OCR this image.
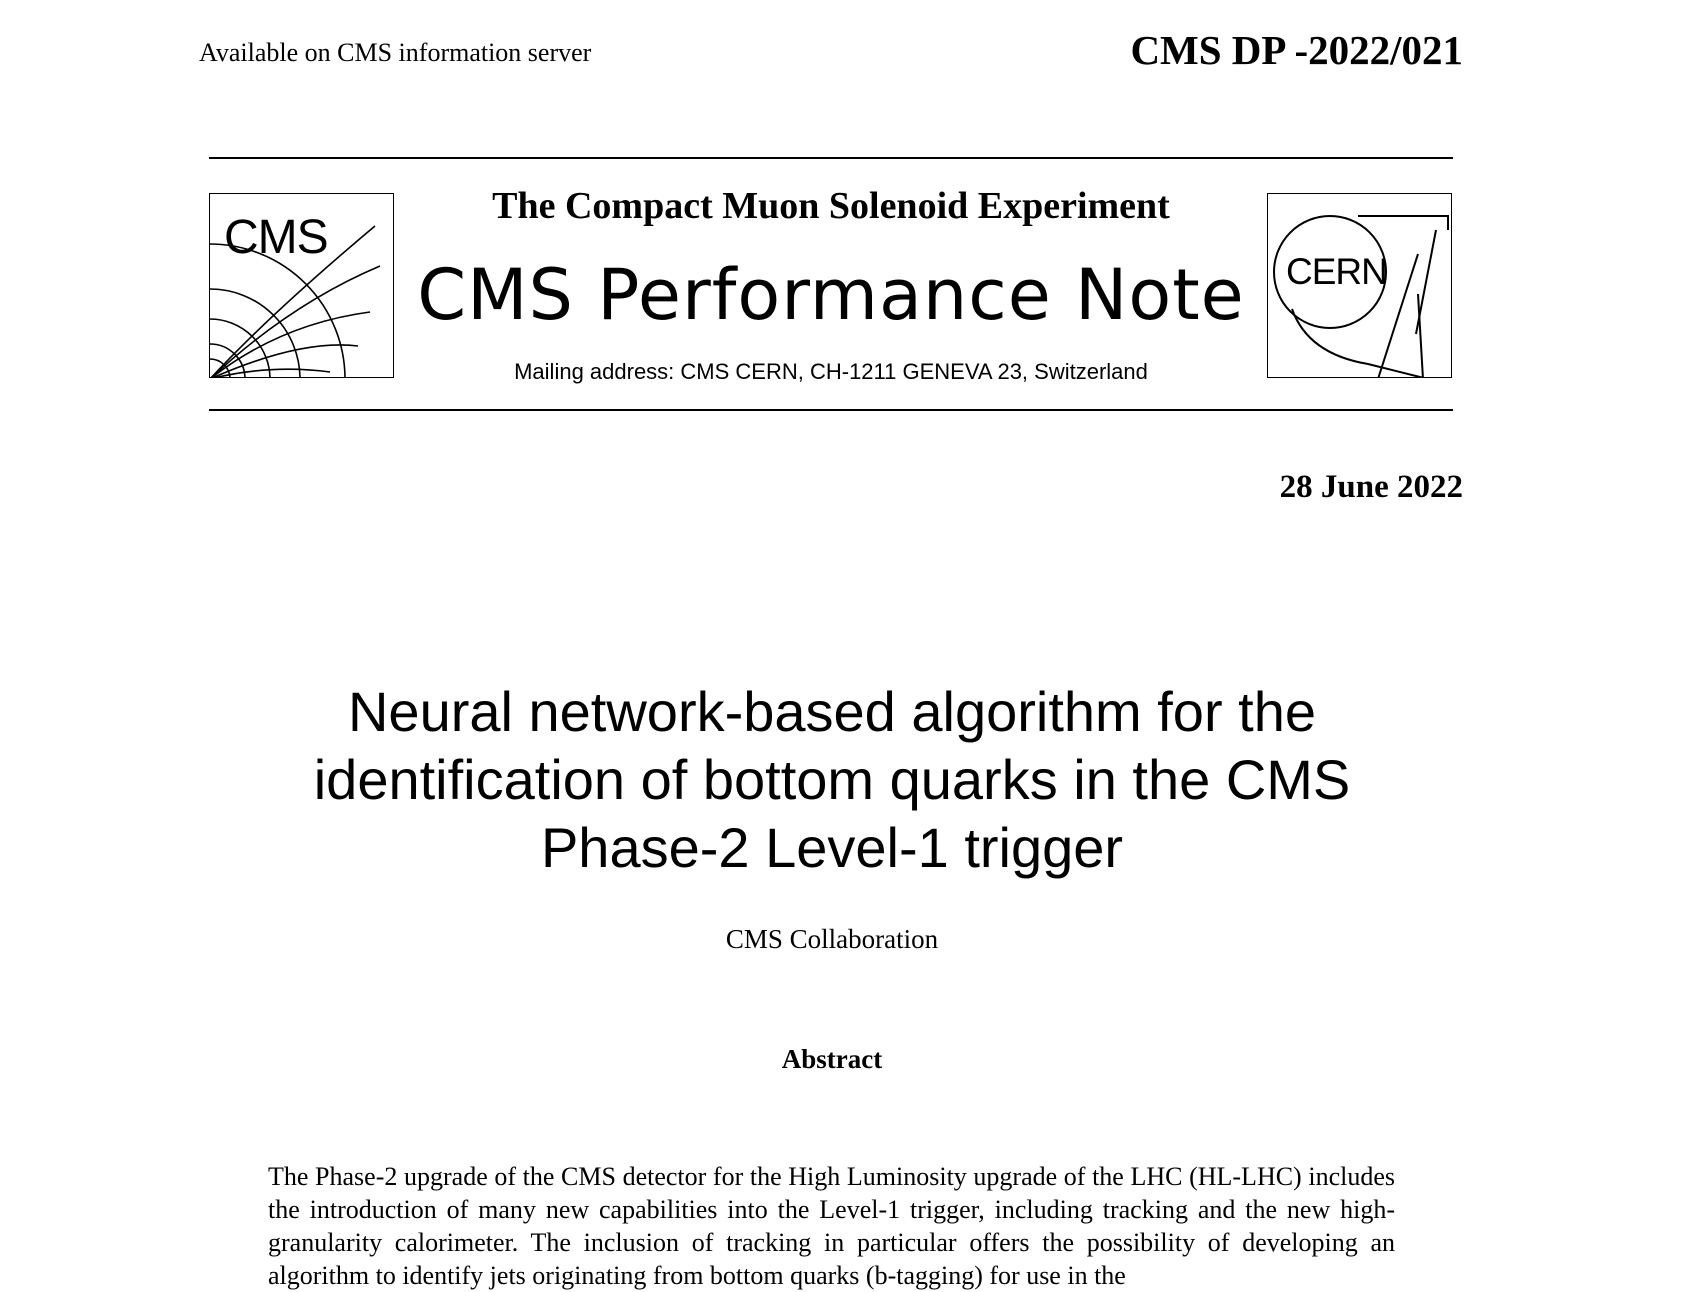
Available on CMS information server	CMS DP -2022/021
CMS
The Compact Muon Solenoid Experiment
CMS Performance Note
Mailing address: CMS CERN, CH-1211 GENEVA 23, Switzerland
CERN
28 June 2022
Neural network-based algorithm for the identification of bottom quarks in the CMS Phase-2 Level-1 trigger
CMS Collaboration
Abstract
The Phase-2 upgrade of the CMS detector for the High Luminosity upgrade of the LHC (HL-LHC) includes the introduction of many new capabilities into the Level-1 trigger, including tracking and the new high- granularity calorimeter. The inclusion of tracking in particular offers the possibility of developing an algorithm to identify jets originating from bottom quarks (b-tagging) for use in the
